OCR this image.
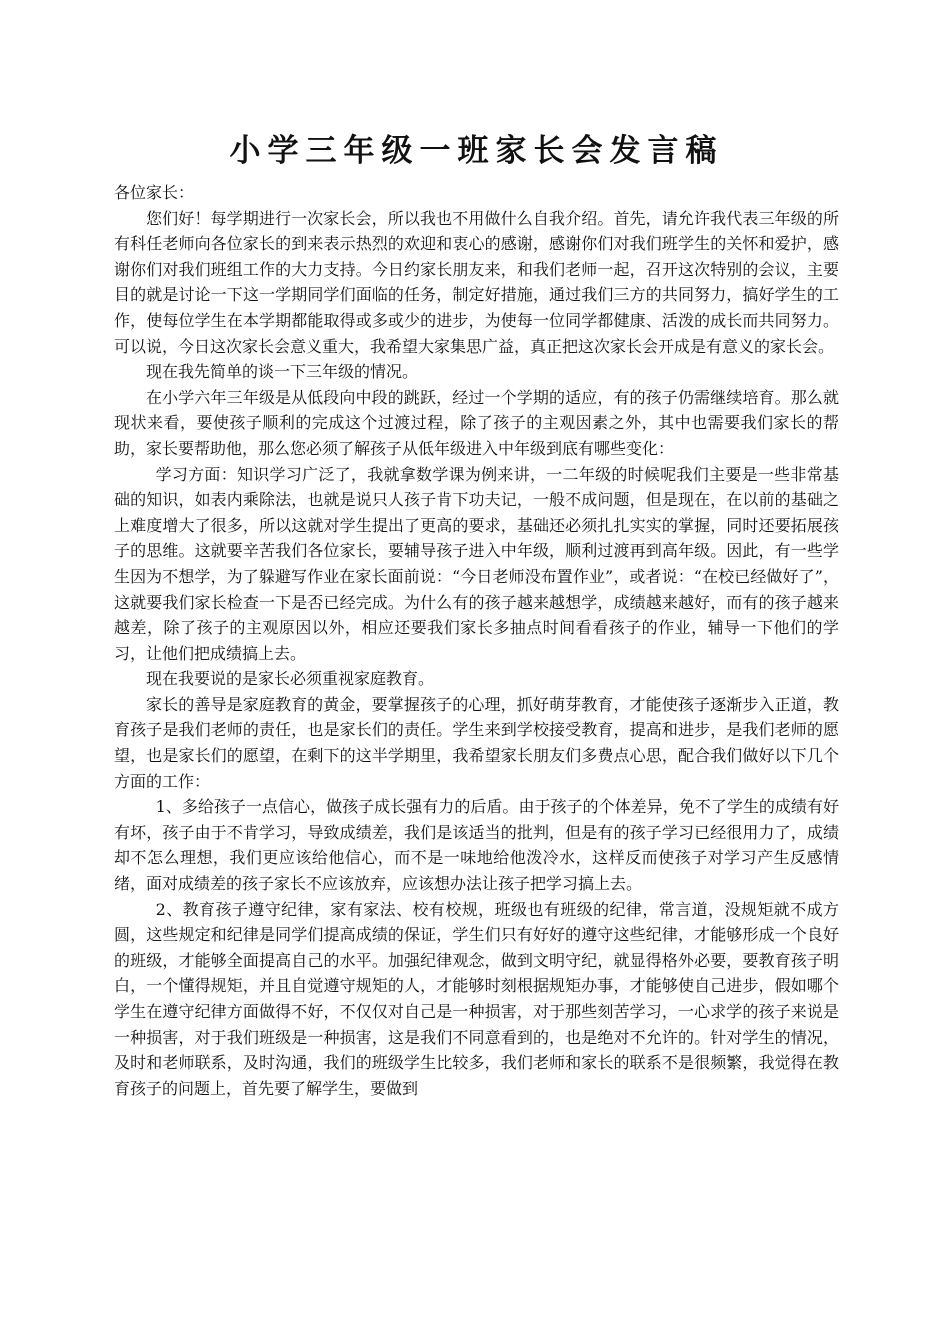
小学三年级一班家长会发言稿

各位家长：

您们好！每学期进行一次家长会，所以我也不用做什么自我介绍。首先，请允许我代表三年级的所有科任老师向各位家长的到来表示热烈的欢迎和衷心的感谢，感谢你们对我们班学生的关怀和爱护，感谢你们对我们班组工作的大力支持。今日约家长朋友来，和我们老师一起，召开这次特别的会议，主要目的就是讨论一下这一学期同学们面临的任务，制定好措施，通过我们三方的共同努力，搞好学生的工作，使每位学生在本学期都能取得或多或少的进步，为使每一位同学都健康、活泼的成长而共同努力。可以说，今日这次家长会意义重大，我希望大家集思广益，真正把这次家长会开成是有意义的家长会。

现在我先简单的谈一下三年级的情况。

在小学六年三年级是从低段向中段的跳跃，经过一个学期的适应，有的孩子仍需继续培育。那么就现状来看，要使孩子顺利的完成这个过渡过程，除了孩子的主观因素之外，其中也需要我们家长的帮助，家长要帮助他，那么您必须了解孩子从低年级进入中年级到底有哪些变化：

学习方面：知识学习广泛了，我就拿数学课为例来讲，一二年级的时候呢我们主要是一些非常基础的知识，如表内乘除法，也就是说只人孩子肯下功夫记，一般不成问题，但是现在，在以前的基础之上难度增大了很多，所以这就对学生提出了更高的要求，基础还必须扎扎实实的掌握，同时还要拓展孩子的思维。这就要辛苦我们各位家长，要辅导孩子进入中年级，顺利过渡再到高年级。因此，有一些学生因为不想学，为了躲避写作业在家长面前说：“今日老师没布置作业”，或者说：“在校已经做好了”，这就要我们家长检查一下是否已经完成。为什么有的孩子越来越想学，成绩越来越好，而有的孩子越来越差，除了孩子的主观原因以外，相应还要我们家长多抽点时间看看孩子的作业，辅导一下他们的学习，让他们把成绩搞上去。

现在我要说的是家长必须重视家庭教育。

家长的善导是家庭教育的黄金，要掌握孩子的心理，抓好萌芽教育，才能使孩子逐渐步入正道，教育孩子是我们老师的责任，也是家长们的责任。学生来到学校接受教育，提高和进步，是我们老师的愿望，也是家长们的愿望，在剩下的这半学期里，我希望家长朋友们多费点心思，配合我们做好以下几个方面的工作：

1、多给孩子一点信心，做孩子成长强有力的后盾。由于孩子的个体差异，免不了学生的成绩有好有坏，孩子由于不肯学习，导致成绩差，我们是该适当的批判，但是有的孩子学习已经很用力了，成绩却不怎么理想，我们更应该给他信心，而不是一味地给他泼冷水，这样反而使孩子对学习产生反感情绪，面对成绩差的孩子家长不应该放弃，应该想办法让孩子把学习搞上去。

2、教育孩子遵守纪律，家有家法、校有校规，班级也有班级的纪律，常言道，没规矩就不成方圆，这些规定和纪律是同学们提高成绩的保证，学生们只有好好的遵守这些纪律，才能够形成一个良好的班级，才能够全面提高自己的水平。加强纪律观念，做到文明守纪，就显得格外必要，要教育孩子明白，一个懂得规矩，并且自觉遵守规矩的人，才能够时刻根据规矩办事，才能够使自己进步，假如哪个学生在遵守纪律方面做得不好，不仅仅对自己是一种损害，对于那些刻苦学习，一心求学的孩子来说是一种损害，对于我们班级是一种损害，这是我们不同意看到的，也是绝对不允许的。针对学生的情况，及时和老师联系，及时沟通，我们的班级学生比较多，我们老师和家长的联系不是很频繁，我觉得在教育孩子的问题上，首先要了解学生，要做到
